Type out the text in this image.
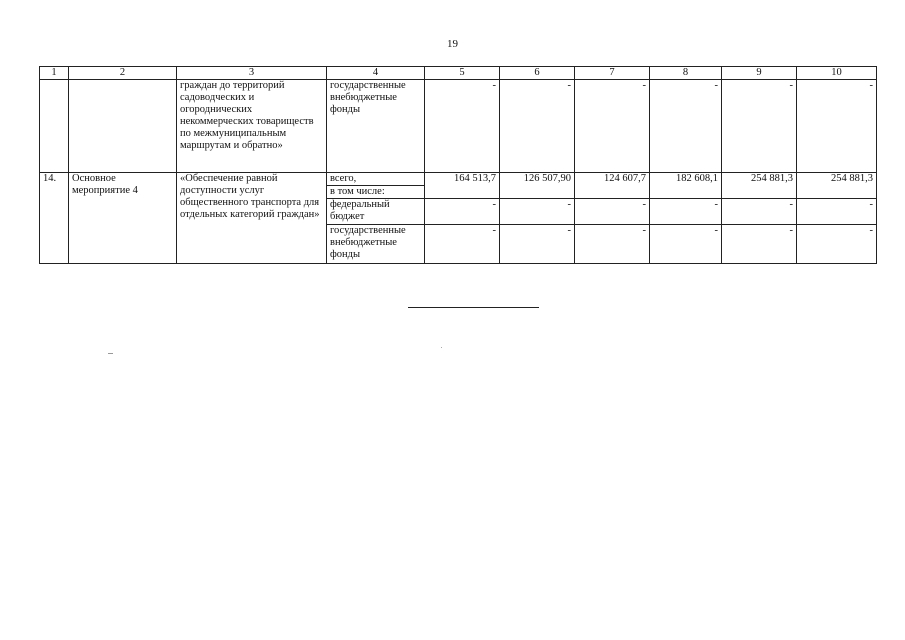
19
1	2	3	4	5	6	7	8	9	10
		граждан до территорий садоводческих и огороднических некоммерческих товариществ по межмуниципальным маршрутам и обратно»	государственные внебюджетные фонды	-	-	-	-	-	-
14.	Основное мероприятие 4	«Обеспечение равной доступности услуг общественного транспорта для отдельных категорий граждан»	всего,	164 513,7	126 507,90	124 607,7	182 608,1	254 881,3	254 881,3
			в том числе:						
			федеральный бюджет	-	-	-	-	-	-
			государственные внебюджетные фонды	-	-	-	-	-	-
